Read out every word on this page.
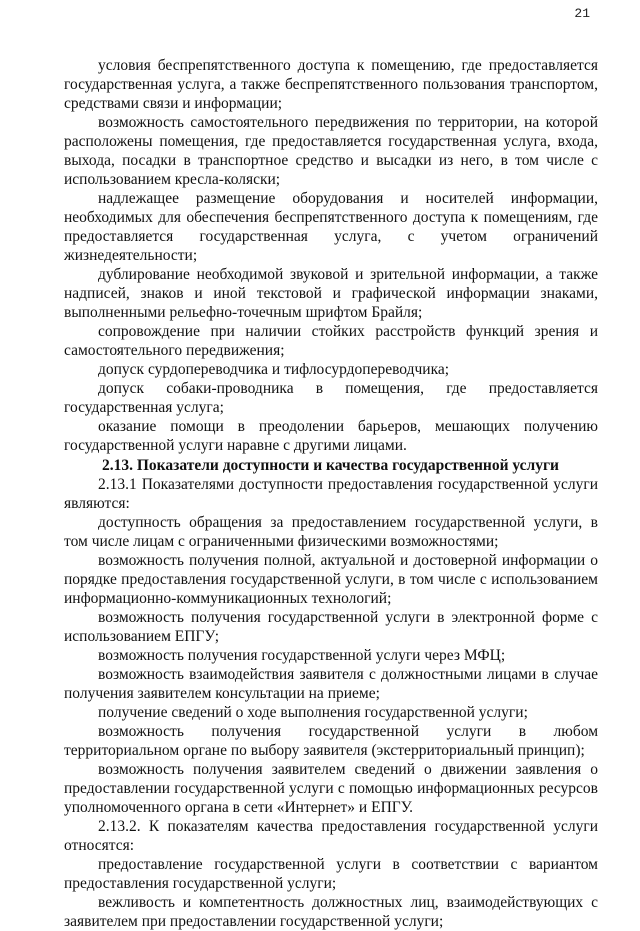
21

условия беспрепятственного доступа к помещению, где предоставляется государственная услуга, а также беспрепятственного пользования транспортом, средствами связи и информации;

возможность самостоятельного передвижения по территории, на которой расположены помещения, где предоставляется государственная услуга, входа, выхода, посадки в транспортное средство и высадки из него, в том числе с использованием кресла-коляски;

надлежащее размещение оборудования и носителей информации, необходимых для обеспечения беспрепятственного доступа к помещениям, где предоставляется государственная услуга, с учетом ограничений жизнедеятельности;

дублирование необходимой звуковой и зрительной информации, а также надписей, знаков и иной текстовой и графической информации знаками, выполненными рельефно-точечным шрифтом Брайля;

сопровождение при наличии стойких расстройств функций зрения и самостоятельного передвижения;

допуск сурдопереводчика и тифлосурдопереводчика;

допуск собаки-проводника в помещения, где предоставляется государственная услуга;

оказание помощи в преодолении барьеров, мешающих получению государственной услуги наравне с другими лицами.

2.13. Показатели доступности и качества государственной услуги

2.13.1 Показателями доступности предоставления государственной услуги являются:

доступность обращения за предоставлением государственной услуги, в том числе лицам с ограниченными физическими возможностями;

возможность получения полной, актуальной и достоверной информации о порядке предоставления государственной услуги, в том числе с использованием информационно-коммуникационных технологий;

возможность получения государственной услуги в электронной форме с использованием ЕПГУ;

возможность получения государственной услуги через МФЦ;

возможность взаимодействия заявителя с должностными лицами в случае получения заявителем консультации на приеме;

получение сведений о ходе выполнения государственной услуги;

возможность получения государственной услуги в любом территориальном органе по выбору заявителя (экстерриториальный принцип);

возможность получения заявителем сведений о движении заявления о предоставлении государственной услуги с помощью информационных ресурсов уполномоченного органа в сети «Интернет» и ЕПГУ.

2.13.2. К показателям качества предоставления государственной услуги относятся:

предоставление государственной услуги в соответствии с вариантом предоставления государственной услуги;

вежливость и компетентность должностных лиц, взаимодействующих с заявителем при предоставлении государственной услуги;
